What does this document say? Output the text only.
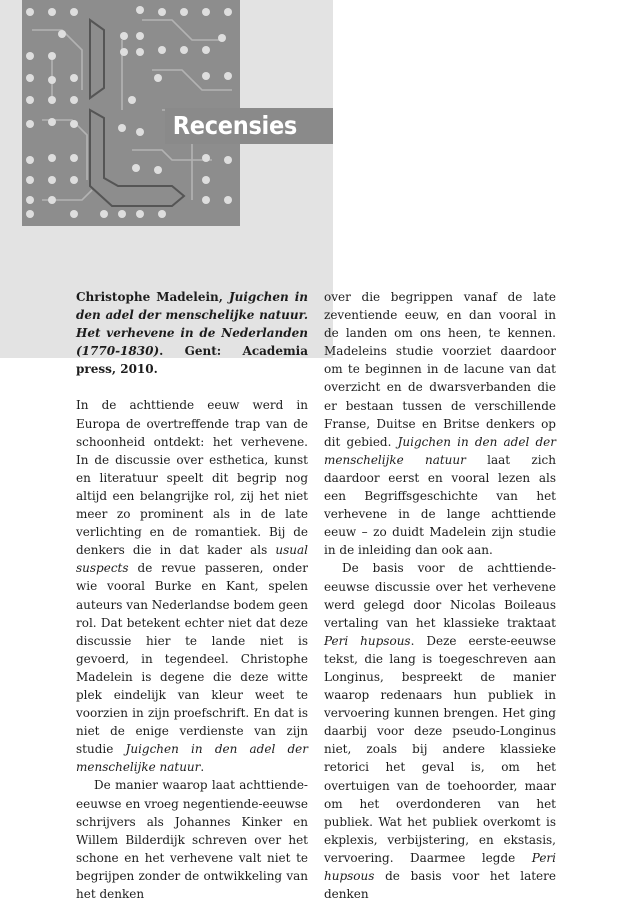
Recensies

Christophe Madelein, Juigchen in den adel der menschelijke natuur. Het verhevene in de Nederlanden (1770-1830). Gent: Academia press, 2010.

In de achttiende eeuw werd in Europa de overtreffende trap van de schoonheid ontdekt: het verhevene. In de discussie over esthetica, kunst en literatuur speelt dit begrip nog altijd een belangrijke rol, zij het niet meer zo prominent als in de late verlichting en de romantiek. Bij de denkers die in dat kader als usual suspects de revue passeren, onder wie vooral Burke en Kant, spelen auteurs van Nederlandse bodem geen rol. Dat betekent echter niet dat deze discussie hier te lande niet is gevoerd, in tegendeel. Christophe Madelein is degene die deze witte plek eindelijk van kleur weet te voorzien in zijn proefschrift. En dat is niet de enige verdienste van zijn studie Juigchen in den adel der menschelijke natuur.

De manier waarop laat achttiende-eeuwse en vroeg negentiende-eeuwse schrijvers als Johannes Kinker en Willem Bilderdijk schreven over het schone en het verhevene valt niet te begrijpen zonder de ontwikkeling van het denken

over die begrippen vanaf de late zeventiende eeuw, en dan vooral in de landen om ons heen, te kennen. Madeleins studie voorziet daardoor om te beginnen in de lacune van dat overzicht en de dwarsverbanden die er bestaan tussen de verschillende Franse, Duitse en Britse denkers op dit gebied. Juigchen in den adel der menschelijke natuur laat zich daardoor eerst en vooral lezen als een Begriffsgeschichte van het verhevene in de lange achttiende eeuw – zo duidt Madelein zijn studie in de inleiding dan ook aan.

De basis voor de achttiende-eeuwse discussie over het verhevene werd gelegd door Nicolas Boileaus vertaling van het klassieke traktaat Peri hupsous. Deze eerste-eeuwse tekst, die lang is toegeschreven aan Longinus, bespreekt de manier waarop redenaars hun publiek in vervoering kunnen brengen. Het ging daarbij voor deze pseudo-Longinus niet, zoals bij andere klassieke retorici het geval is, om het overtuigen van de toehoorder, maar om het overdonderen van het publiek. Wat het publiek overkomt is ekplexis, verbijstering, en ekstasis, vervoering. Daarmee legde Peri hupsous de basis voor het latere denken
